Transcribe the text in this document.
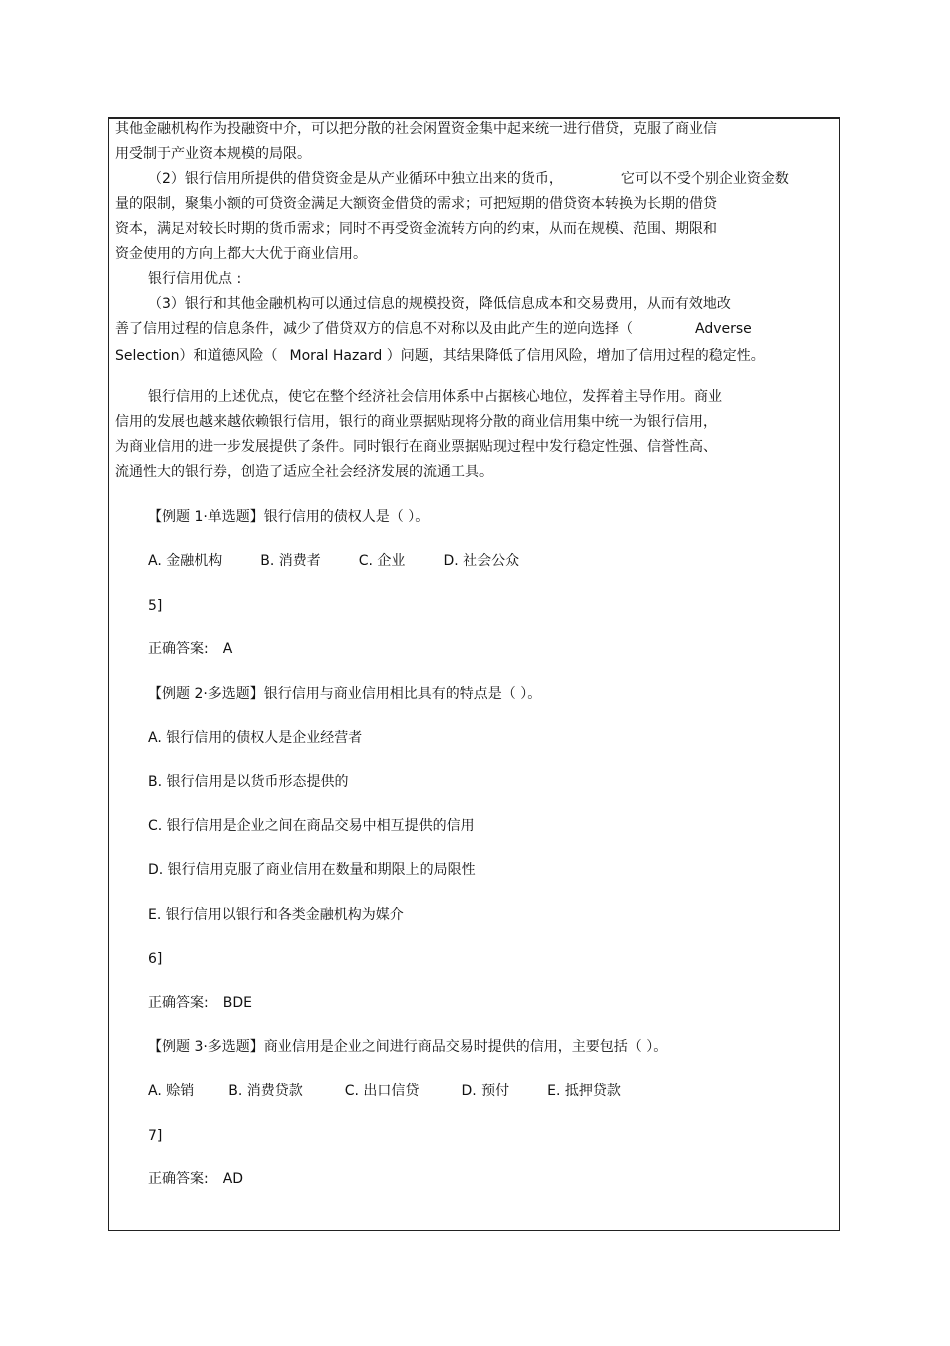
其他金融机构作为投融资中介，可以把分散的社会闲置资金集中起来统一进行借贷，克服了商业信
用受制于产业资本规模的局限。
（2）银行信用所提供的借贷资金是从产业循环中独立出来的货币，	它可以不受个别企业资金数
量的限制，聚集小额的可贷资金满足大额资金借贷的需求；可把短期的借贷资本转换为长期的借贷
资本，满足对较长时期的货币需求；同时不再受资金流转方向的约束，从而在规模、范围、期限和
资金使用的方向上都大大优于商业信用。
银行信用优点 :
（3）银行和其他金融机构可以通过信息的规模投资，降低信息成本和交易费用，从而有效地改
善了信用过程的信息条件，减少了借贷双方的信息不对称以及由此产生的逆向选择（	Adverse
Selection）和道德风险（ Moral Hazard ）问题，其结果降低了信用风险，增加了信用过程的稳定性。
银行信用的上述优点，使它在整个经济社会信用体系中占据核心地位，发挥着主导作用。商业
信用的发展也越来越依赖银行信用，银行的商业票据贴现将分散的商业信用集中统一为银行信用，
为商业信用的进一步发展提供了条件。同时银行在商业票据贴现过程中发行稳定性强、信誉性高、
流通性大的银行券，创造了适应全社会经济发展的流通工具。
【例题 1·单选题】银行信用的债权人是（ ）。
A. 金融机构	B. 消费者	C. 企业	D. 社会公众
5]
正确答案: A
【例题 2·多选题】银行信用与商业信用相比具有的特点是（ ）。
A. 银行信用的债权人是企业经营者
B. 银行信用是以货币形态提供的
C. 银行信用是企业之间在商品交易中相互提供的信用
D. 银行信用克服了商业信用在数量和期限上的局限性
E. 银行信用以银行和各类金融机构为媒介
6]
正确答案: BDE
【例题 3·多选题】商业信用是企业之间进行商品交易时提供的信用，主要包括（ ）。
A. 赊销 B. 消费贷款	C. 出口信贷	D. 预付	E. 抵押贷款
7]
正确答案: AD
